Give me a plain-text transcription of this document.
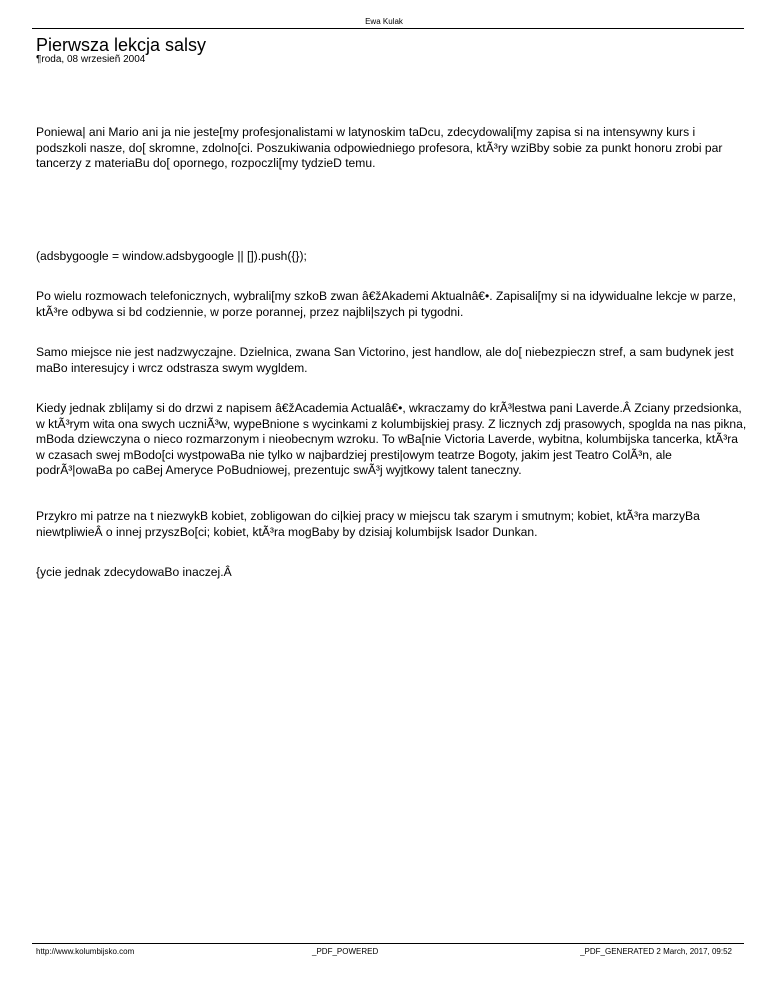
Ewa Kulak
Pierwsza lekcja salsy
¶roda, 08 wrzesieñ 2004

Poniewa| ani Mario ani ja nie jeste[my profesjonalistami w latynoskim taDcu, zdecydowali[my zapisa si na intensywny kurs i podszkoli nasze, do[ skromne, zdolno[ci. Poszukiwania odpowiedniego profesora, ktÃ³ry wziBby sobie za punkt honoru zrobi par tancerzy z materiaBu do[ opornego, rozpoczli[my tydzieD temu.

(adsbygoogle = window.adsbygoogle || []).push({});

Po wielu rozmowach telefonicznych, wybrali[my szkoB zwan â€žAkademi Aktualnâ€•. Zapisali[my si na idywidualne lekcje w parze, ktÃ³re odbywa si bd codziennie, w porze porannej, przez najbli|szych pi tygodni.

Samo miejsce nie jest nadzwyczajne. Dzielnica, zwana San Victorino, jest handlow, ale do[ niebezpieczn stref, a sam budynek jest maBo interesujcy i wrcz odstrasza swym wygldem.

Kiedy jednak zbli|amy si do drzwi z napisem â€žAcademia Actualâ€•, wkraczamy do krÃ³lestwa pani Laverde.Â Zciany przedsionka, w ktÃ³rym wita ona swych uczniÃ³w, wypeBnione s wycinkami z kolumbijskiej prasy. Z licznych zdj prasowych, spoglda na nas pikna, mBoda dziewczyna o nieco rozmarzonym i nieobecnym wzroku. To wBa[nie Victoria Laverde, wybitna, kolumbijska tancerka, ktÃ³ra w czasach swej mBodo[ci wystpowaBa nie tylko w najbardziej presti|owym teatrze Bogoty, jakim jest Teatro ColÃ³n, ale podrÃ³|owaBa po caBej Ameryce PoBudniowej, prezentujc swÃ³j wyjtkowy talent taneczny.

Przykro mi patrze na t niezwykB kobiet, zobligowan do ci|kiej pracy w miejscu tak szarym i smutnym; kobiet, ktÃ³ra marzyBa niewtpliwieÂ o innej przyszBo[ci; kobiet, ktÃ³ra mogBaby by dzisiaj kolumbijsk Isador Dunkan.

{ycie jednak zdecydowaBo inaczej.Â

http://www.kolumbijsko.com	_PDF_POWERED	_PDF_GENERATED 2 March, 2017, 09:52
